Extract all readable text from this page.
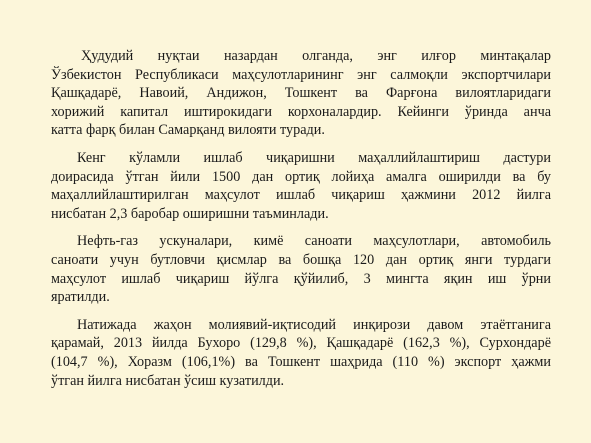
Ҳудудий нуқтаи назардан олганда, энг илғор минтақалар
Ўзбекистон Республикаси маҳсулотларининг энг салмоқли экспортчилари
Қашқадарё, Навоий, Андижон, Тошкент ва Фарғона вилоятларидаги
хорижий капитал иштирокидаги корхоналардир. Кейинги ўринда анча
катта фарқ билан Самарқанд вилояти туради.
Кенг кўламли ишлаб чиқаришни маҳаллийлаштириш дастури
доирасида ўтган йили 1500 дан ортиқ лойиҳа амалга оширилди ва бу
маҳаллийлаштирилган маҳсулот ишлаб чиқариш ҳажмини 2012 йилга
нисбатан 2,3 баробар оширишни таъминлади.
Нефть-газ ускуналари, кимё саноати маҳсулотлари, автомобиль
саноати учун бутловчи қисмлар ва бошқа 120 дан ортиқ янги турдаги
маҳсулот ишлаб чиқариш йўлга қўйилиб, 3 мингта яқин иш ўрни
яратилди.
Натижада жаҳон молиявий-иқтисодий инқирози давом этаётганига
қарамай, 2013 йилда Бухоро (129,8 %), Қашқадарё (162,3 %), Сурхондарё
(104,7 %), Хоразм (106,1%) ва Тошкент шаҳрида (110 %) экспорт ҳажми
ўтган йилга нисбатан ўсиш кузатилди.
